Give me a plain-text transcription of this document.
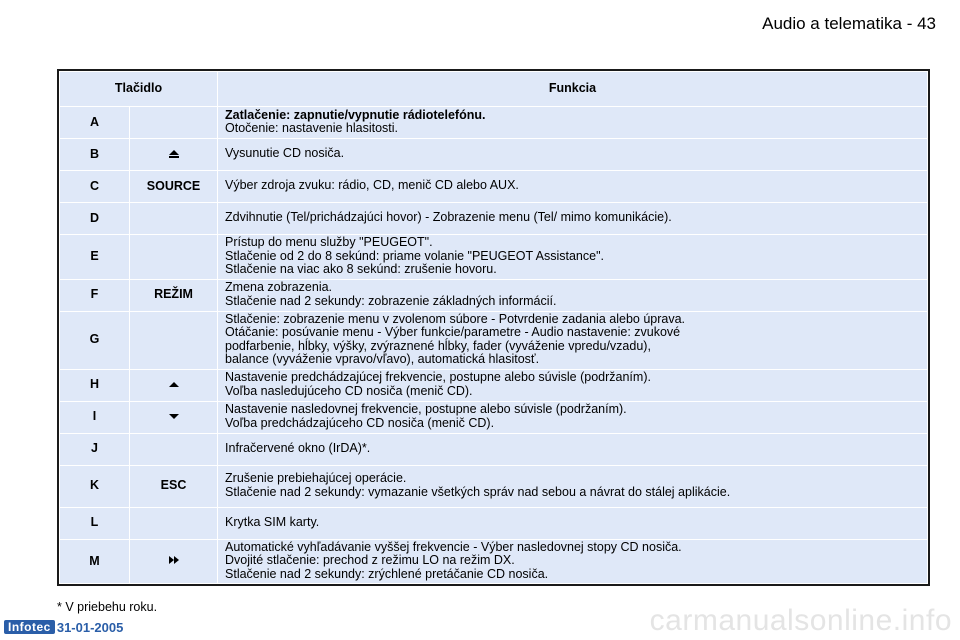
Audio a telematika - 43
Tlačidlo		Funkcia
A		Zatlačenie: zapnutie/vypnutie rádiotelefónu.
Otočenie: nastavenie hlasitosti.

B		Vysunutie CD nosiča.

C	SOURCE	Výber zdroja zvuku: rádio, CD, menič CD alebo AUX.

D		Zdvihnutie (Tel/prichádzajúci hovor) - Zobrazenie menu (Tel/ mimo komunikácie).

E		Prístup do menu služby "PEUGEOT".
Stlačenie od 2 do 8 sekúnd: priame volanie "PEUGEOT Assistance".
Stlačenie na viac ako 8 sekúnd: zrušenie hovoru.

F	REŽIM	Zmena zobrazenia.
Stlačenie nad 2 sekundy: zobrazenie základných informácií.

G		Stlačenie: zobrazenie menu v zvolenom súbore - Potvrdenie zadania alebo úprava.
Otáčanie: posúvanie menu - Výber funkcie/parametre - Audio nastavenie: zvukové
podfarbenie, hĺbky, výšky, zvýraznené hĺbky, fader (vyváženie vpredu/vzadu),
balance (vyváženie vpravo/vľavo), automatická hlasitosť.

H		Nastavenie predchádzajúcej frekvencie, postupne alebo súvisle (podržaním).
Voľba nasledujúceho CD nosiča (menič CD).

I		Nastavenie nasledovnej frekvencie, postupne alebo súvisle (podržaním).
Voľba predchádzajúceho CD nosiča (menič CD).

J		Infračervené okno (IrDA)*.

K	ESC	Zrušenie prebiehajúcej operácie.
Stlačenie nad 2 sekundy: vymazanie všetkých správ nad sebou a návrat do stálej aplikácie.

L		Krytka SIM karty.

M		Automatické vyhľadávanie vyššej frekvencie - Výber nasledovnej stopy CD nosiča.
Dvojité stlačenie: prechod z režimu LO na režim DX.
Stlačenie nad 2 sekundy: zrýchlené pretáčanie CD nosiča.
* V priebehu roku.
Infotec 31-01-2005	carmanualsonline.info
